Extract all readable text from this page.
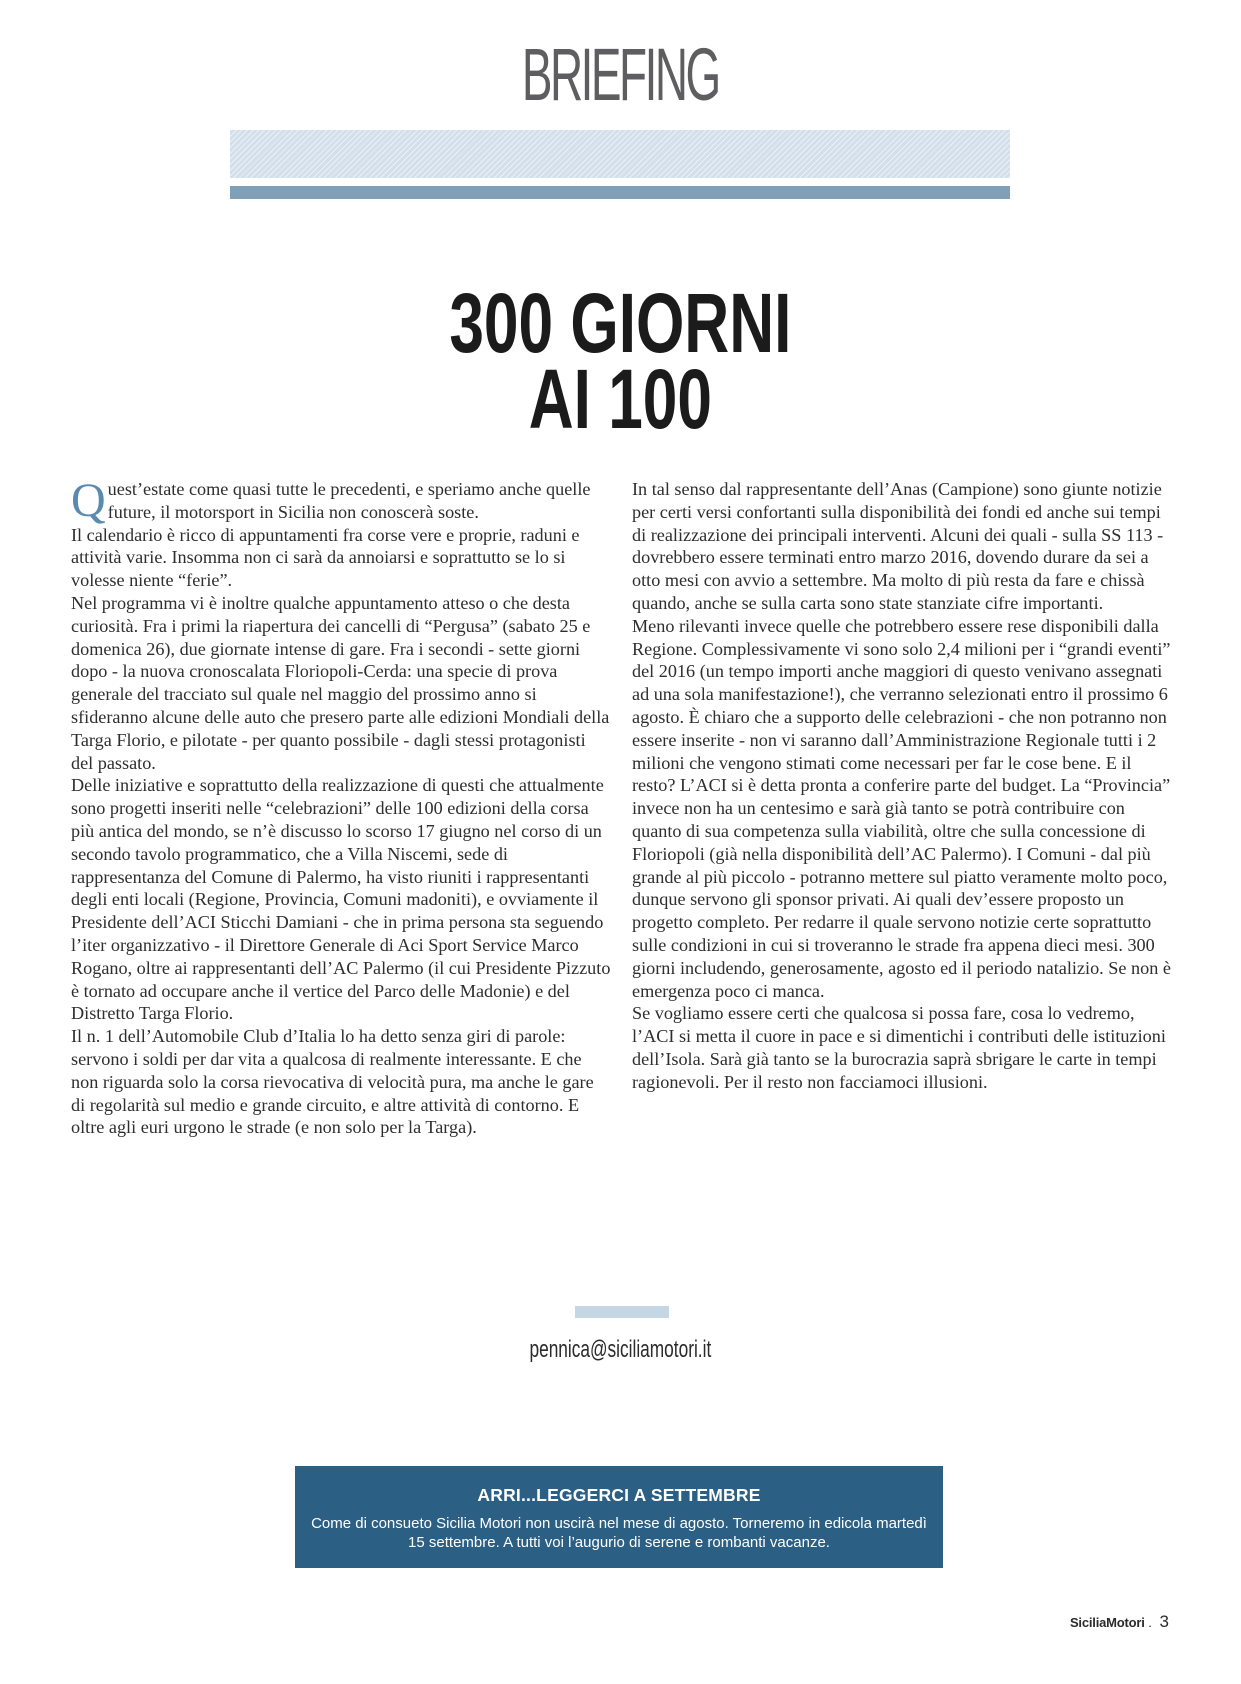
BRIEFING
300 GIORNI
AI 100

Quest’estate come quasi tutte le precedenti, e speriamo anche quelle future, il motorsport in Sicilia non conoscerà soste.

Il calendario è ricco di appuntamenti fra corse vere e proprie, raduni e attività varie. Insomma non ci sarà da annoiarsi e soprattutto se lo si volesse niente “ferie”.

Nel programma vi è inoltre qualche appuntamento atteso o che desta curiosità. Fra i primi la riapertura dei cancelli di “Pergusa” (sabato 25 e domenica 26), due giornate intense di gare. Fra i secondi - sette giorni dopo - la nuova cronoscalata Floriopoli-Cerda: una specie di prova generale del tracciato sul quale nel maggio del prossimo anno si sfideranno alcune delle auto che presero parte alle edizioni Mondiali della Targa Florio, e pilotate - per quanto possibile - dagli stessi protagonisti del passato.

Delle iniziative e soprattutto della realizzazione di questi che attualmente sono progetti inseriti nelle “celebrazioni” delle 100 edizioni della corsa più antica del mondo, se n’è discusso lo scorso 17 giugno nel corso di un secondo tavolo programmatico, che a Villa Niscemi, sede di rappresentanza del Comune di Palermo, ha visto riuniti i rappresentanti degli enti locali (Regione, Provincia, Comuni madoniti), e ovviamente il Presidente dell’ACI Sticchi Damiani - che in prima persona sta seguendo l’iter organizzativo - il Direttore Generale di Aci Sport Service Marco Rogano, oltre ai rappresentanti dell’AC Palermo (il cui Presidente Pizzuto è tornato ad occupare anche il vertice del Parco delle Madonie) e del Distretto Targa Florio.

Il n. 1 dell’Automobile Club d’Italia lo ha detto senza giri di parole: servono i soldi per dar vita a qualcosa di realmente interessante. E che non riguarda solo la corsa rievocativa di velocità pura, ma anche le gare di regolarità sul medio e grande circuito, e altre attività di contorno. E oltre agli euri urgono le strade (e non solo per la Targa).

In tal senso dal rappresentante dell’Anas (Campione) sono giunte notizie per certi versi confortanti sulla disponibilità dei fondi ed anche sui tempi di realizzazione dei principali interventi. Alcuni dei quali - sulla SS 113 - dovrebbero essere terminati entro marzo 2016, dovendo durare da sei a otto mesi con avvio a settembre. Ma molto di più resta da fare e chissà quando, anche se sulla carta sono state stanziate cifre importanti.

Meno rilevanti invece quelle che potrebbero essere rese disponibili dalla Regione. Complessivamente vi sono solo 2,4 milioni per i “grandi eventi” del 2016 (un tempo importi anche maggiori di questo venivano assegnati ad una sola manifestazione!), che verranno selezionati entro il prossimo 6 agosto. È chiaro che a supporto delle celebrazioni - che non potranno non essere inserite - non vi saranno dall’Amministrazione Regionale tutti i 2 milioni che vengono stimati come necessari per far le cose bene. E il resto? L’ACI si è detta pronta a conferire parte del budget. La “Provincia” invece non ha un centesimo e sarà già tanto se potrà contribuire con quanto di sua competenza sulla viabilità, oltre che sulla concessione di Floriopoli (già nella disponibilità dell’AC Palermo). I Comuni - dal più grande al più piccolo - potranno mettere sul piatto veramente molto poco, dunque servono gli sponsor privati. Ai quali dev’essere proposto un progetto completo. Per redarre il quale servono notizie certe soprattutto sulle condizioni in cui si troveranno le strade fra appena dieci mesi. 300 giorni includendo, generosamente, agosto ed il periodo natalizio. Se non è emergenza poco ci manca.

Se vogliamo essere certi che qualcosa si possa fare, cosa lo vedremo, l’ACI si metta il cuore in pace e si dimentichi i contributi delle istituzioni dell’Isola. Sarà già tanto se la burocrazia saprà sbrigare le carte in tempi ragionevoli. Per il resto non facciamoci illusioni.

pennica@siciliamotori.it
ARRI...LEGGERCI A SETTEMBRE
Come di consueto Sicilia Motori non uscirà nel mese di agosto. Torneremo in edicola martedì 15 settembre. A tutti voi l’augurio di serene e rombanti vacanze.
SiciliaMotori . 3
